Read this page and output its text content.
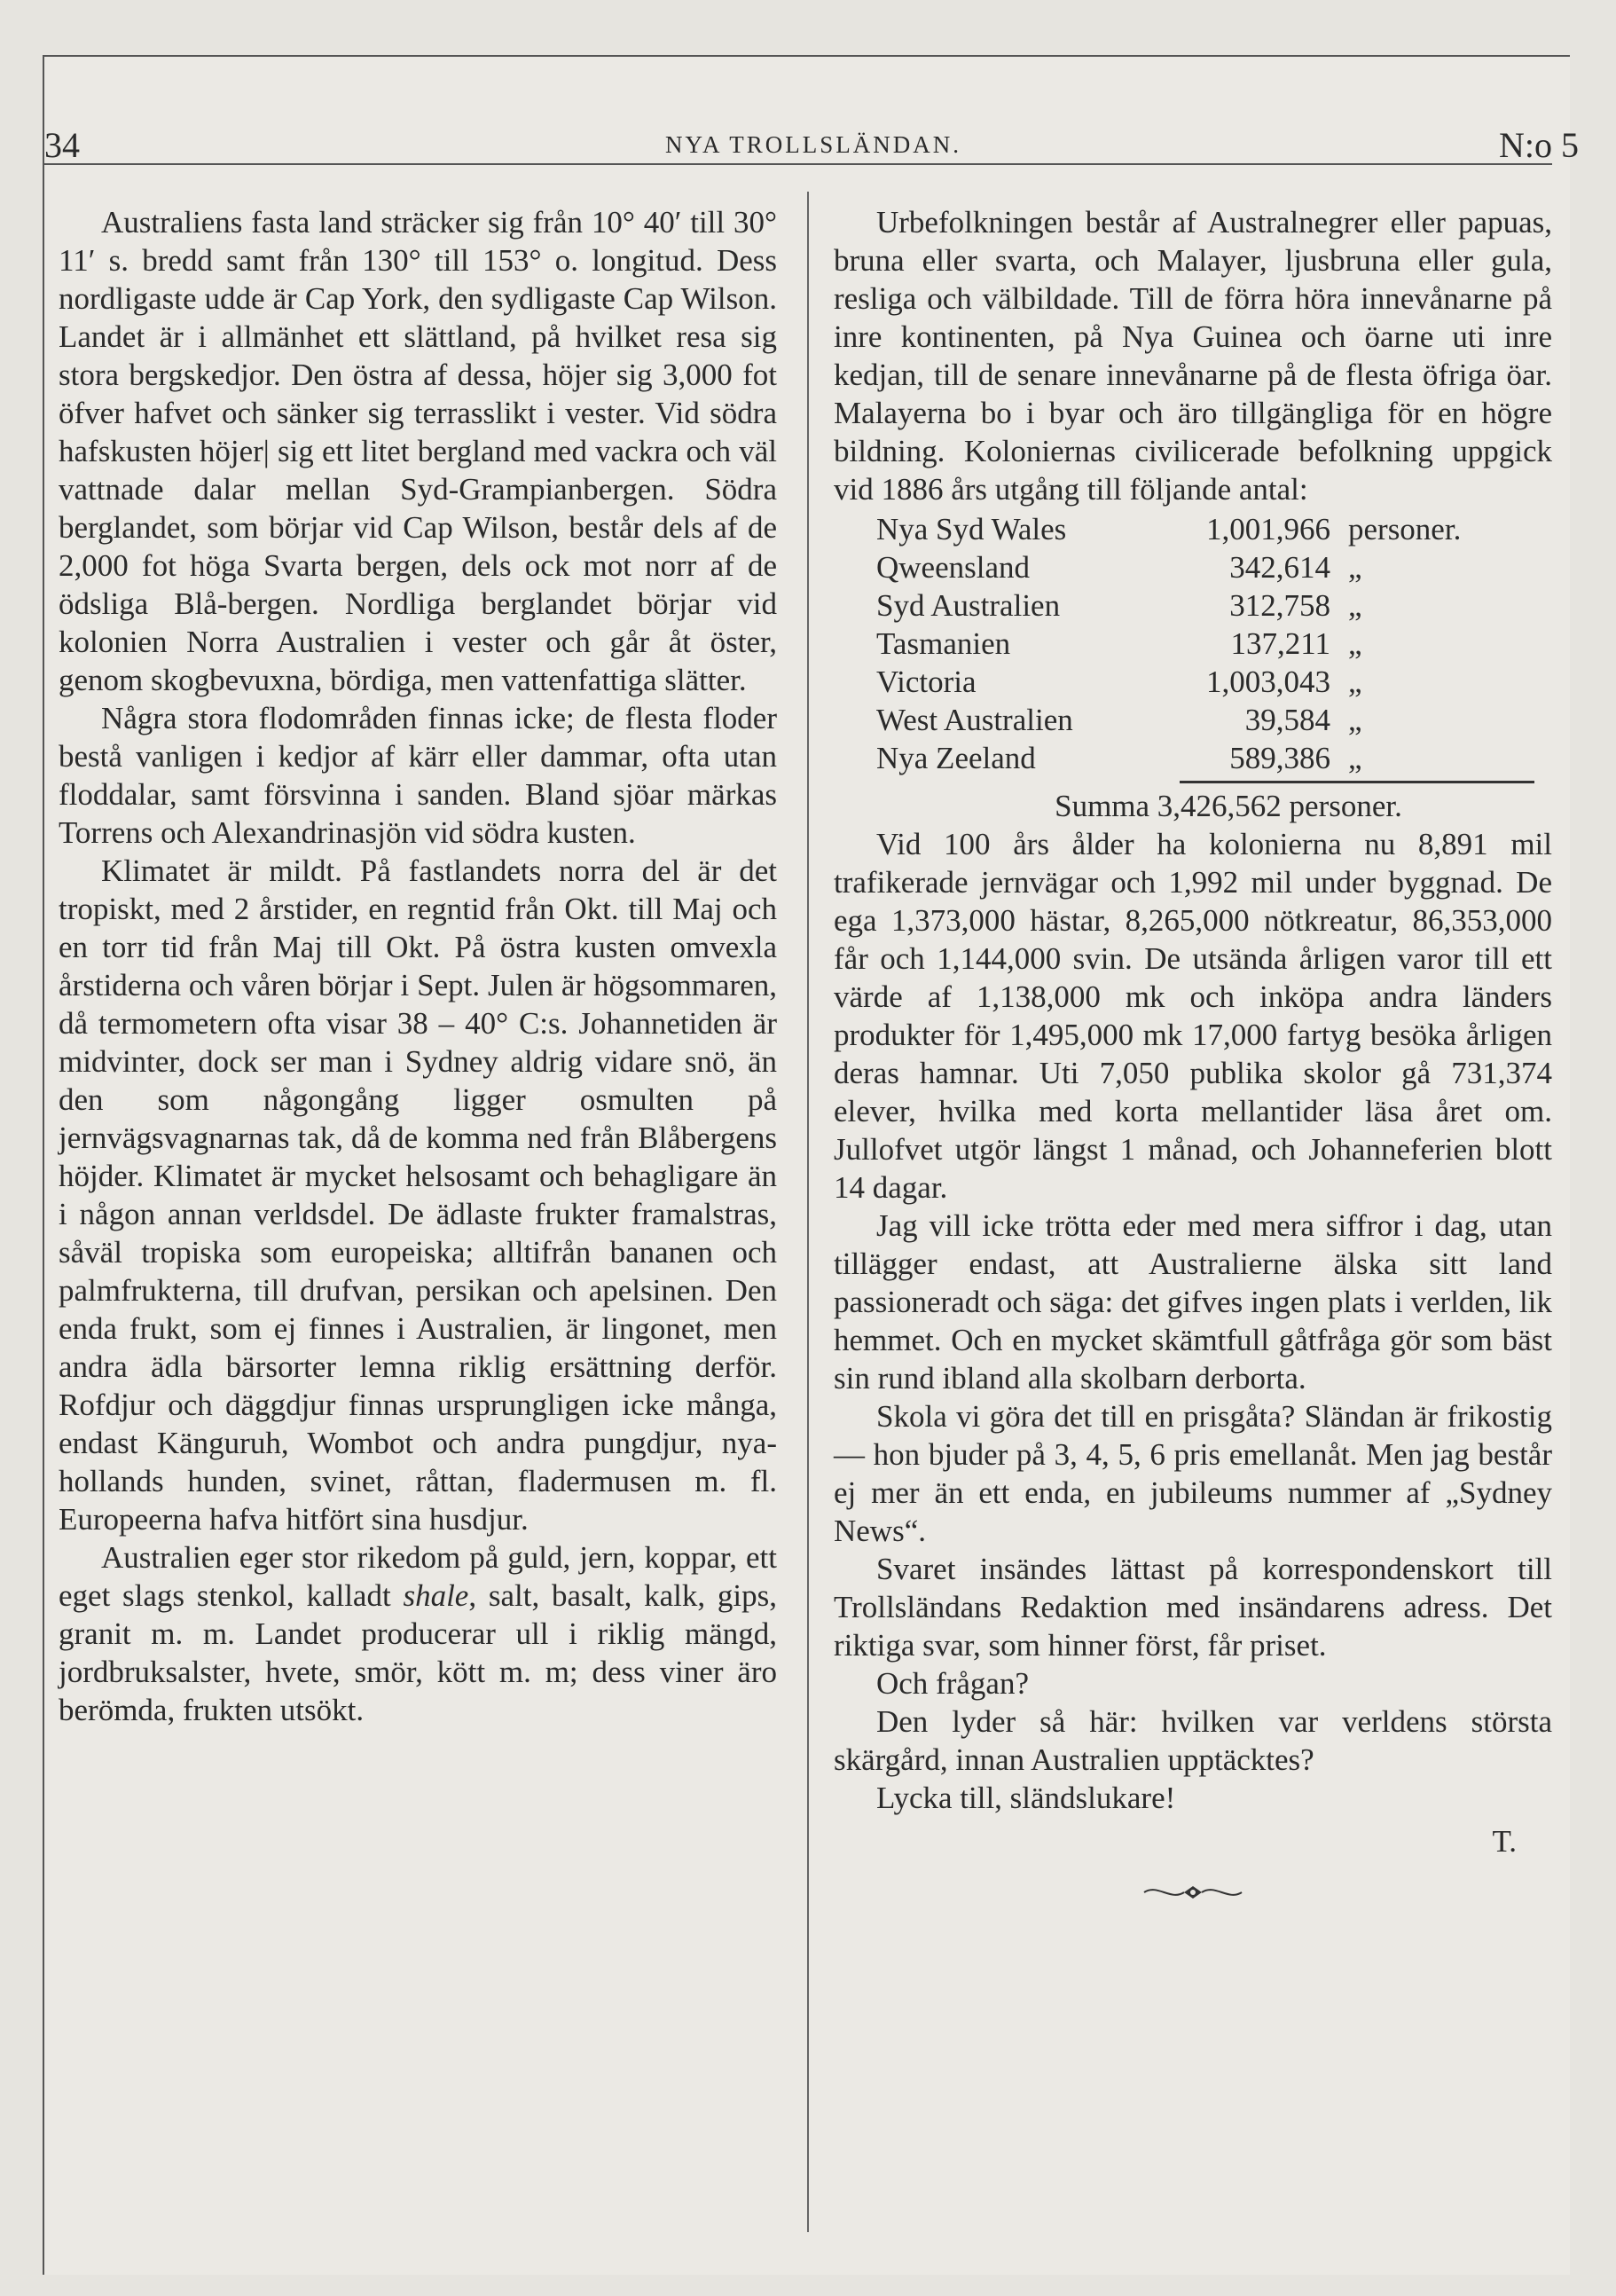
34	NYA TROLLSLÄNDAN.	N:o 5

Australiens fasta land sträcker sig från 10° 40′ till 30° 11′ s. bredd samt från 130° till 153° o. longitud. Dess nordligaste udde är Cap York, den sydligaste Cap Wilson. Landet är i allmänhet ett slättland, på hvilket resa sig stora bergskedjor. Den östra af dessa, höjer sig 3,000 fot öfver hafvet och sänker sig terrasslikt i vester. Vid södra hafskusten höjer| sig ett litet bergland med vackra och väl vattnade dalar mellan Syd-Grampianbergen. Södra berglandet, som börjar vid Cap Wilson, består dels af de 2,000 fot höga Svarta bergen, dels ock mot norr af de ödsliga Blå-bergen. Nordliga berglandet börjar vid kolonien Norra Australien i vester och går åt öster, genom skogbevuxna, bördiga, men vattenfattiga slätter.

Några stora flodområden finnas icke; de flesta floder bestå vanligen i kedjor af kärr eller dammar, ofta utan floddalar, samt försvinna i sanden. Bland sjöar märkas Torrens och Alexandrinasjön vid södra kusten.

Klimatet är mildt. På fastlandets norra del är det tropiskt, med 2 årstider, en regntid från Okt. till Maj och en torr tid från Maj till Okt. På östra kusten omvexla årstiderna och våren börjar i Sept. Julen är högsommaren, då termometern ofta visar 38 – 40° C:s. Johannetiden är midvinter, dock ser man i Sydney aldrig vidare snö, än den som någongång ligger osmulten på jernvägsvagnarnas tak, då de komma ned från Blåbergens höjder. Klimatet är mycket helsosamt och behagligare än i någon annan verldsdel. De ädlaste frukter framalstras, såväl tropiska som europeiska; alltifrån bananen och palmfrukterna, till drufvan, persikan och apelsinen. Den enda frukt, som ej finnes i Australien, är lingonet, men andra ädla bärsorter lemna riklig ersättning derför. Rofdjur och däggdjur finnas ursprungligen icke många, endast Känguruh, Wombot och andra pungdjur, nya-hollands hunden, svinet, råttan, fladermusen m. fl. Europeerna hafva hitfört sina husdjur.

Australien eger stor rikedom på guld, jern, koppar, ett eget slags stenkol, kalladt shale, salt, basalt, kalk, gips, granit m. m. Landet producerar ull i riklig mängd, jordbruksalster, hvete, smör, kött m. m; dess viner äro berömda, frukten utsökt.

Urbefolkningen består af Australnegrer eller papuas, bruna eller svarta, och Malayer, ljusbruna eller gula, resliga och välbildade. Till de förra höra innevånarne på inre kontinenten, på Nya Guinea och öarne uti inre kedjan, till de senare innevånarne på de flesta öfriga öar. Malayerna bo i byar och äro tillgängliga för en högre bildning. Koloniernas civilicerade befolkning uppgick vid 1886 års utgång till följande antal:

Nya Syd Wales	1,001,966 personer.
Qweensland	342,614 „
Syd Australien	312,758 „
Tasmanien	137,211 „
Victoria	1,003,043 „
West Australien	39,584 „
Nya Zeeland	589,386 „
Summa 3,426,562 personer.

Vid 100 års ålder ha kolonierna nu 8,891 mil trafikerade jernvägar och 1,992 mil under byggnad. De ega 1,373,000 hästar, 8,265,000 nötkreatur, 86,353,000 får och 1,144,000 svin. De utsända årligen varor till ett värde af 1,138,000 mk och inköpa andra länders produkter för 1,495,000 mk 17,000 fartyg besöka årligen deras hamnar. Uti 7,050 publika skolor gå 731,374 elever, hvilka med korta mellantider läsa året om. Jullofvet utgör längst 1 månad, och Johanneferien blott 14 dagar.

Jag vill icke trötta eder med mera siffror i dag, utan tillägger endast, att Australierne älska sitt land passioneradt och säga: det gifves ingen plats i verlden, lik hemmet. Och en mycket skämtfull gåtfråga gör som bäst sin rund ibland alla skolbarn derborta.

Skola vi göra det till en prisgåta? Sländan är frikostig — hon bjuder på 3, 4, 5, 6 pris emellanåt. Men jag består ej mer än ett enda, en jubileums nummer af „Sydney News“.

Svaret insändes lättast på korrespondenskort till Trollsländans Redaktion med insändarens adress. Det riktiga svar, som hinner först, får priset.

Och frågan?

Den lyder så här: hvilken var verldens största skärgård, innan Australien upptäcktes?

Lycka till, sländslukare!

T.
